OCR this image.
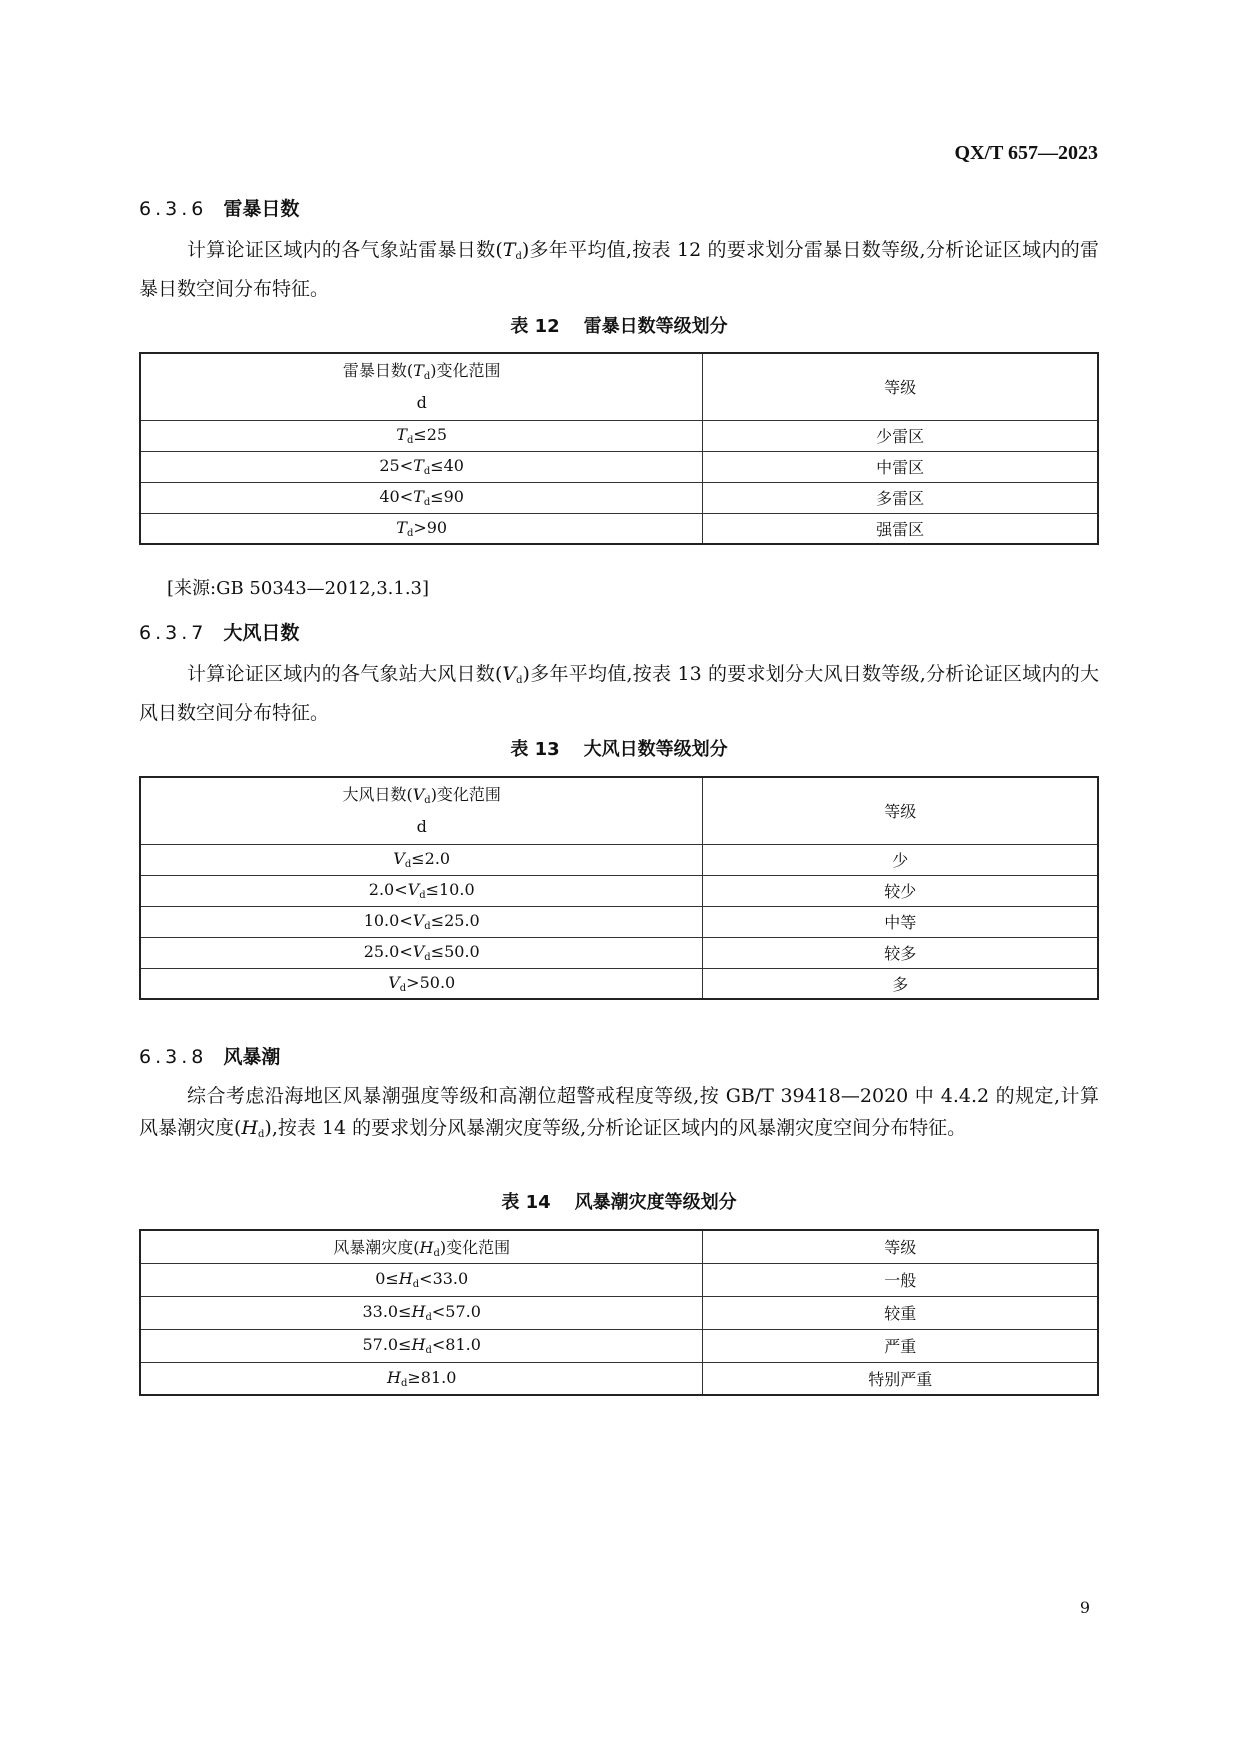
QX/T 657—2023
6.3.6 雷暴日数
计算论证区域内的各气象站雷暴日数$(T_d)$多年平均值,按表 12 的要求划分雷暴日数等级,分析论证区域内的雷暴日数空间分布特征。
表 12 雷暴日数等级划分
雷暴日数$(T_d)$变化范围
d	等级
$T_d\le 25$	少雷区
$25<T_d\le 40$	中雷区
$40<T_d\le 90$	多雷区
$T_d>90$	强雷区
[来源:GB 50343—2012,3.1.3]
6.3.7 大风日数
计算论证区域内的各气象站大风日数$(V_d)$多年平均值,按表 13 的要求划分大风日数等级,分析论证区域内的大风日数空间分布特征。
表 13 大风日数等级划分
大风日数$(V_d)$变化范围
d	等级
$V_d\le 2.0$	少
$2.0<V_d\le 10.0$	较少
$10.0<V_d\le 25.0$	中等
$25.0<V_d\le 50.0$	较多
$V_d>50.0$	多
6.3.8 风暴潮
综合考虑沿海地区风暴潮强度等级和高潮位超警戒程度等级,按 GB/T 39418—2020 中 4.4.2 的规定,计算风暴潮灾度$(H_d)$,按表 14 的要求划分风暴潮灾度等级,分析论证区域内的风暴潮灾度空间分布特征。
表 14 风暴潮灾度等级划分
风暴潮灾度$(H_d)$变化范围	等级
$0\le H_d<33.0$	一般
$33.0\le H_d<57.0$	较重
$57.0\le H_d<81.0$	严重
$H_d\ge 81.0$	特别严重
9
